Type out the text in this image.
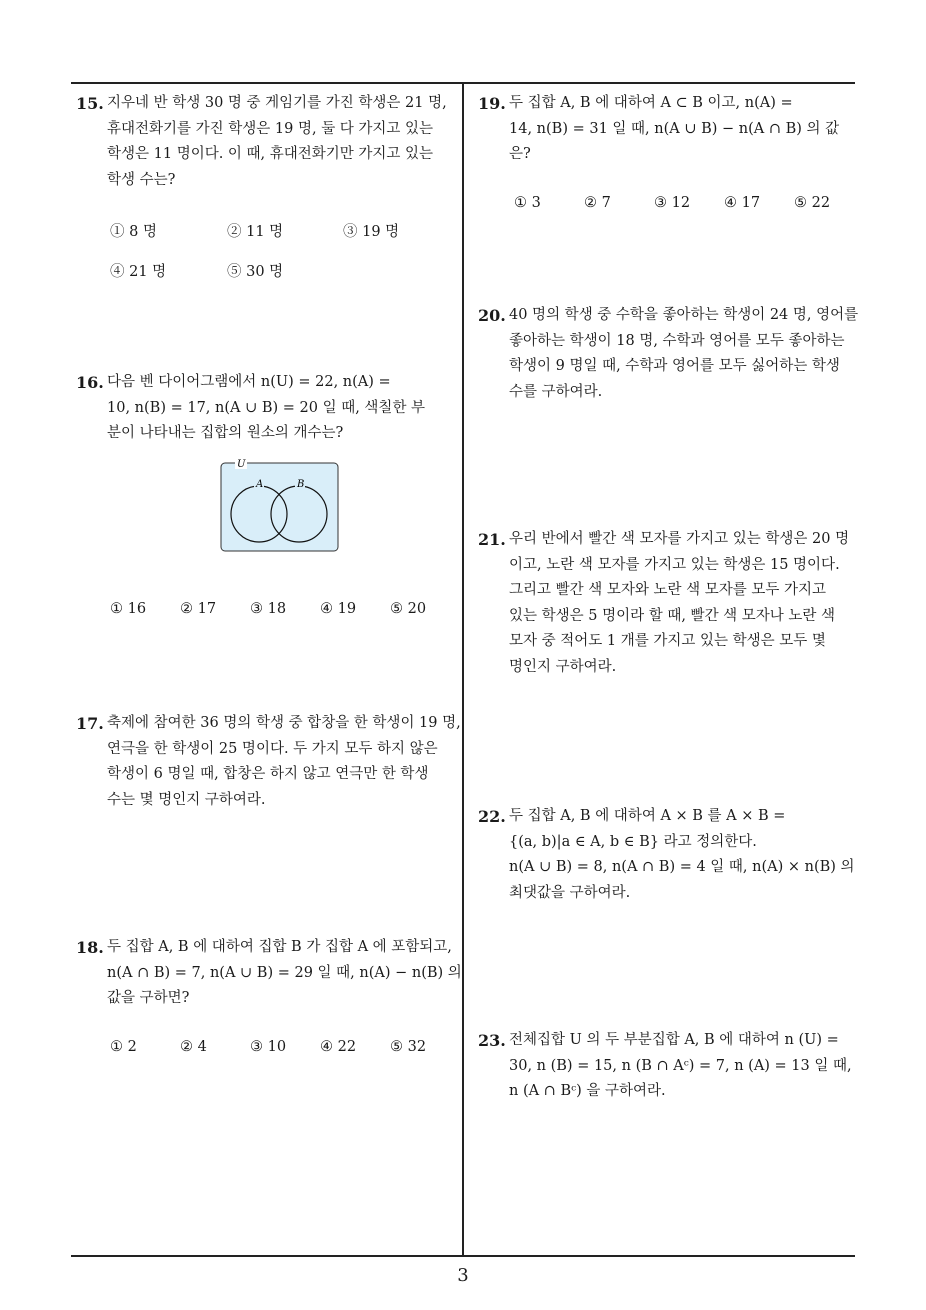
15. 지우네 반 학생 30 명 중 게임기를 가진 학생은 21 명,
휴대전화기를 가진 학생은 19 명, 둘 다 가지고 있는
학생은 11 명이다. 이 때, 휴대전화기만 가지고 있는
학생 수는?
① 8 명	② 11 명	③ 19 명
④ 21 명	⑤ 30 명
16. 다음 벤 다이어그램에서 n(U) = 22, n(A) =
10, n(B) = 17, n(A ∪ B) = 20 일 때, 색칠한 부
분이 나타내는 집합의 원소의 개수는?
U
A	B
① 16 ② 17 ③ 18 ④ 19 ⑤ 20
17. 축제에 참여한 36 명의 학생 중 합창을 한 학생이 19 명,
연극을 한 학생이 25 명이다. 두 가지 모두 하지 않은
학생이 6 명일 때, 합창은 하지 않고 연극만 한 학생
수는 몇 명인지 구하여라.
18. 두 집합 A, B 에 대하여 집합 B 가 집합 A 에 포함되고,
n(A ∩ B) = 7, n(A ∪ B) = 29 일 때, n(A) − n(B) 의
값을 구하면?
① 2	② 4	③ 10 ④ 22 ⑤ 32
19. 두 집합 A, B 에 대하여 A ⊂ B 이고, n(A) =
14, n(B) = 31 일 때, n(A ∪ B) − n(A ∩ B) 의 값
은?
① 3	② 7	③ 12 ④ 17 ⑤ 22
20. 40 명의 학생 중 수학을 좋아하는 학생이 24 명, 영어를
좋아하는 학생이 18 명, 수학과 영어를 모두 좋아하는
학생이 9 명일 때, 수학과 영어를 모두 싫어하는 학생
수를 구하여라.
21. 우리 반에서 빨간 색 모자를 가지고 있는 학생은 20 명
이고, 노란 색 모자를 가지고 있는 학생은 15 명이다.
그리고 빨간 색 모자와 노란 색 모자를 모두 가지고
있는 학생은 5 명이라 할 때, 빨간 색 모자나 노란 색
모자 중 적어도 1 개를 가지고 있는 학생은 모두 몇
명인지 구하여라.
22. 두 집합 A, B 에 대하여 A × B 를 A × B =
{(a, b)|a ∈ A, b ∈ B} 라고 정의한다.
n(A ∪ B) = 8, n(A ∩ B) = 4 일 때, n(A) × n(B) 의
최댓값을 구하여라.
23. 전체집합 U 의 두 부분집합 A, B 에 대하여 n (U) =
30, n (B) = 15, n (B ∩ Aᶜ) = 7, n (A) = 13 일 때,
n (A ∩ Bᶜ) 을 구하여라.
3
